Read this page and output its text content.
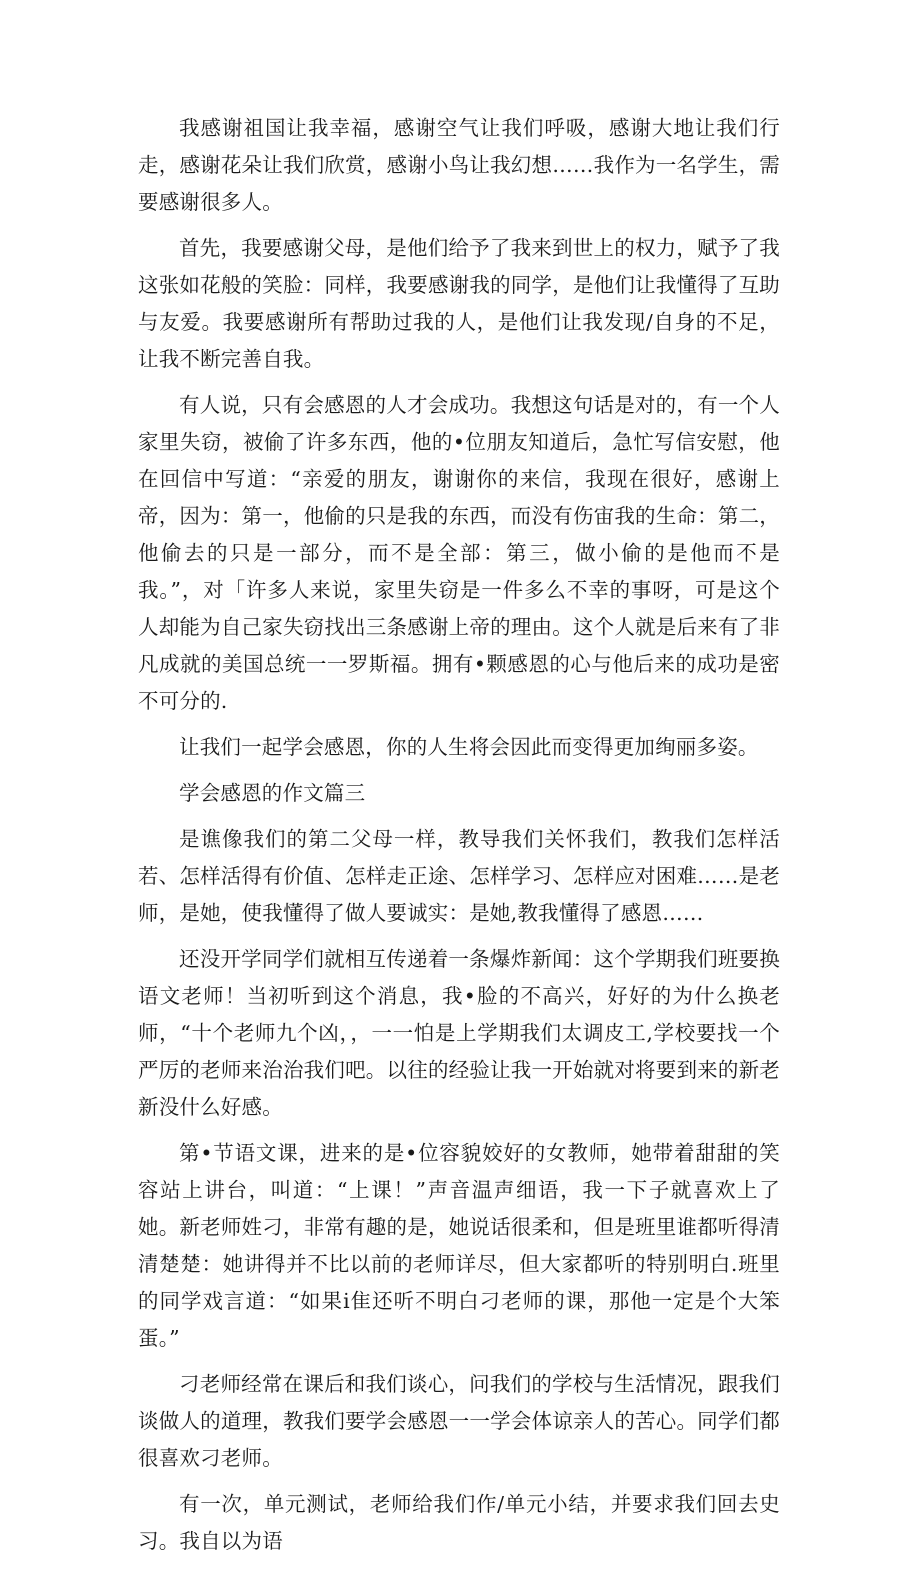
我感谢祖国让我幸福，感谢空气让我们呼吸，感谢大地让我们行走，感谢花朵让我们欣赏，感谢小鸟让我幻想……我作为一名学生，需要感谢很多人。

首先，我要感谢父母，是他们给予了我来到世上的权力，赋予了我这张如花般的笑脸：同样，我要感谢我的同学，是他们让我懂得了互助与友爱。我要感谢所有帮助过我的人，是他们让我发现/自身的不足，让我不断完善自我。

有人说，只有会感恩的人才会成功。我想这句话是对的，有一个人家里失窃，被偷了许多东西，他的•位朋友知道后，急忙写信安慰，他在回信中写道：“亲爱的朋友，谢谢你的来信，我现在很好，感谢上帝，因为：第一，他偷的只是我的东西，而没有伤宙我的生命：第二，他偷去的只是一部分，而不是全部：第三，做小偷的是他而不是我。”，对「许多人来说，家里失窃是一件多么不幸的事呀，可是这个人却能为自己家失窃找出三条感谢上帝的理由。这个人就是后来有了非凡成就的美国总统一一罗斯福。拥有•颗感恩的心与他后来的成功是密不可分的.

让我们一起学会感恩，你的人生将会因此而变得更加绚丽多姿。

学会感恩的作文篇三

是谯像我们的第二父母一样，教导我们关怀我们，教我们怎样活若、怎样活得有价值、怎样走正途、怎样学习、怎样应对困难……是老师，是她，使我懂得了做人要诚实：是她,教我懂得了感恩……

还没开学同学们就相互传递着一条爆炸新闻：这个学期我们班要换语文老师！当初听到这个消息，我•脸的不高兴，好好的为什么换老师，“十个老师九个凶，，一一怕是上学期我们太调皮工,学校要找一个严厉的老师来治治我们吧。以往的经验让我一开始就对将要到来的新老新没什么好感。

第•节语文课，进来的是•位容貌姣好的女教师，她带着甜甜的笑容站上讲台，叫道：“上课！”声音温声细语，我一下子就喜欢上了她。新老师姓刁，非常有趣的是，她说话很柔和，但是班里谁都听得清清楚楚：她讲得并不比以前的老师详尽，但大家都听的特别明白.班里的同学戏言道：“如果i隹还听不明白刁老师的课，那他一定是个大笨蛋。”

刁老师经常在课后和我们谈心，问我们的学校与生活情况，跟我们谈做人的道理，教我们要学会感恩一一学会体谅亲人的苦心。同学们都很喜欢刁老师。

有一次，单元测试，老师给我们作/单元小结，并要求我们回去史习。我自以为语
